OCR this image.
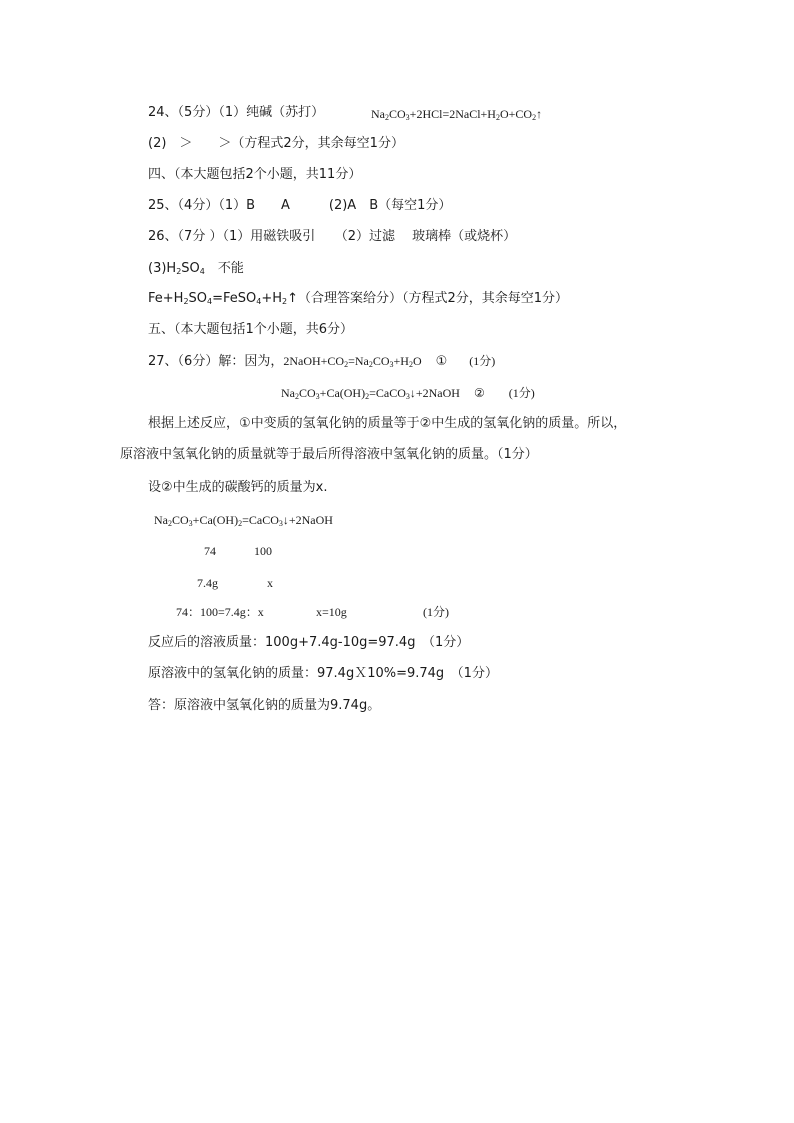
24、（5分）（1）纯碱（苏打）	$Na_2CO_3+2HCl=2NaCl+H_2O+CO_2↑$
(2)　＞　　＞（方程式2分，其余每空1分）
四、（本大题包括2个小题，共11分）
25、（4分）（1）B　　A　　　(2)A　B（每空1分）
26、（7分 ）（1）用磁铁吸引　　（2）过滤　 玻璃棒（或烧杯）
$(3)H_2SO_4$　不能
$Fe+H_2SO_4=FeSO_4+H_2↑$（合理答案给分）（方程式2分，其余每空1分）
五、（本大题包括1个小题，共6分）
27、（6分）解：因为，$2NaOH+CO_2=Na_2CO_3+H_2O$ ① (1分)
$Na_2CO_3+Ca(OH)_2=CaCO_3↓+2NaOH$ ② (1分)
根据上述反应，①中变质的氢氧化钠的质量等于②中生成的氢氧化钠的质量。所以，
原溶液中氢氧化钠的质量就等于最后所得溶液中氢氧化钠的质量。（1分）
设②中生成的碳酸钙的质量为x.
$Na_2CO_3+Ca(OH)_2=CaCO_3↓+2NaOH$
74	100
7.4g	x
74：100=7.4g：x	x=10g	(1分)
反应后的溶液质量：100g+7.4g-10g=97.4g　（1分）
原溶液中的氢氧化钠的质量：97.4gＸ10%=9.74g　（1分）
答：原溶液中氢氧化钠的质量为9.74g。
